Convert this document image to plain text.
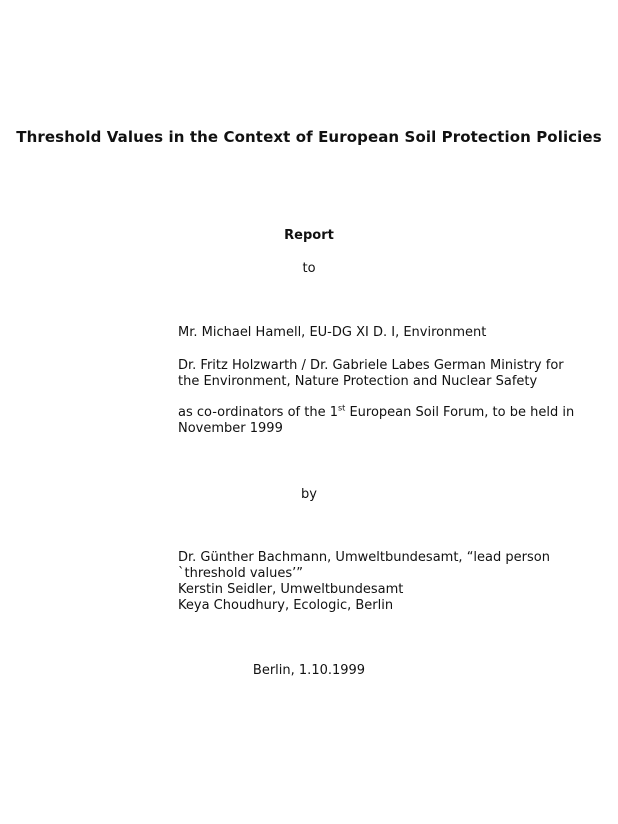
Threshold Values in the Context of European Soil Protection Policies
Report
to
Mr. Michael Hamell, EU-DG XI D. I, Environment
Dr. Fritz Holzwarth / Dr. Gabriele Labes German Ministry for
the Environment, Nature Protection and Nuclear Safety
as co-ordinators of the 1st European Soil Forum, to be held in
November 1999
by
Dr. Günther Bachmann, Umweltbundesamt, “lead person
`threshold values’”
Kerstin Seidler, Umweltbundesamt
Keya Choudhury, Ecologic, Berlin
Berlin, 1.10.1999
